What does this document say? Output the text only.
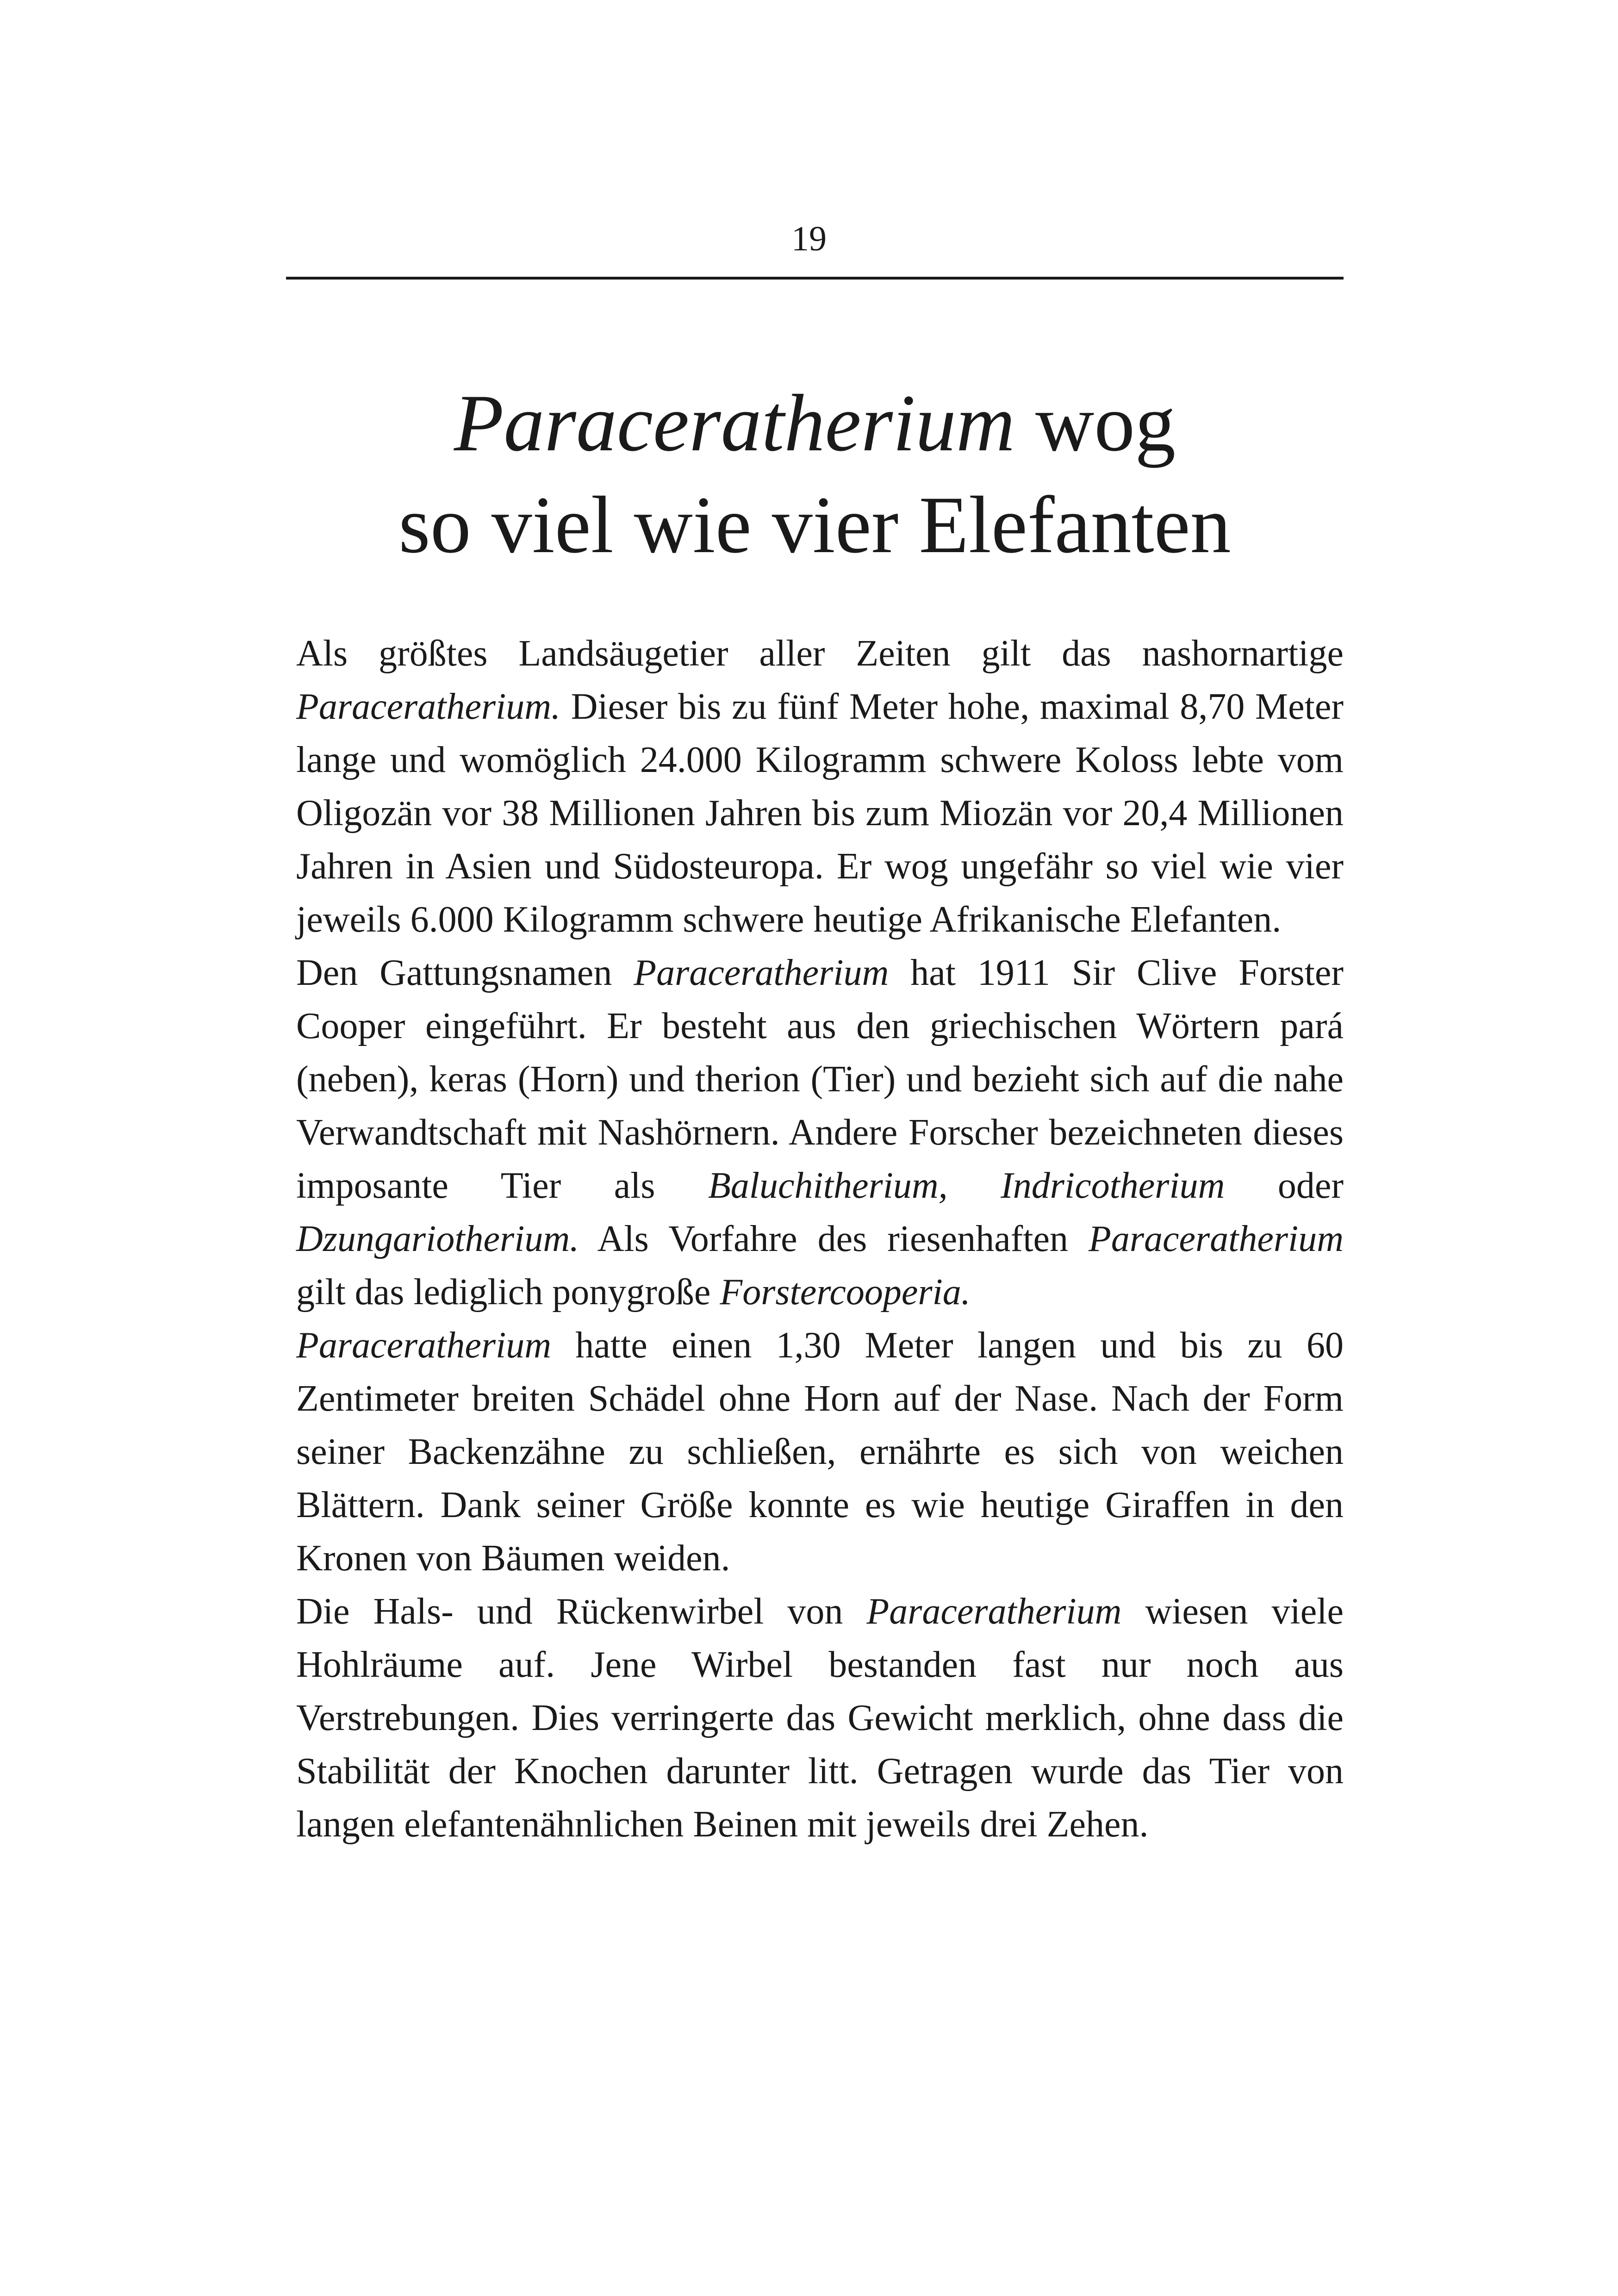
19
Paraceratherium wog
so viel wie vier Elefanten

Als größtes Landsäugetier aller Zeiten gilt das nashornartige Paraceratherium. Dieser bis zu fünf Meter hohe, maximal 8,70 Meter lange und womöglich 24.000 Kilogramm schwere Koloss lebte vom Oligozän vor 38 Millionen Jahren bis zum Miozän vor 20,4 Millionen Jahren in Asien und Südosteuropa. Er wog ungefähr so viel wie vier jeweils 6.000 Kilogramm schwere heutige Afrikanische Elefanten.

Den Gattungsnamen Paraceratherium hat 1911 Sir Clive Forster Cooper eingeführt. Er besteht aus den griechischen Wörtern pará (neben), keras (Horn) und therion (Tier) und bezieht sich auf die nahe Verwandtschaft mit Nashörnern. Andere Forscher bezeichneten dieses imposante Tier als Baluchitherium, Indricotherium oder Dzungariotherium. Als Vorfahre des riesenhaften Paraceratherium gilt das lediglich ponygroße Forstercooperia.

Paraceratherium hatte einen 1,30 Meter langen und bis zu 60 Zentimeter breiten Schädel ohne Horn auf der Nase. Nach der Form seiner Backenzähne zu schließen, ernährte es sich von weichen Blättern. Dank seiner Größe konnte es wie heutige Giraffen in den Kronen von Bäumen weiden.

Die Hals- und Rückenwirbel von Paraceratherium wiesen viele Hohlräume auf. Jene Wirbel bestanden fast nur noch aus Verstrebungen. Dies verringerte das Gewicht merklich, ohne dass die Stabilität der Knochen darunter litt. Getragen wurde das Tier von langen elefantenähnlichen Beinen mit jeweils drei Zehen.
